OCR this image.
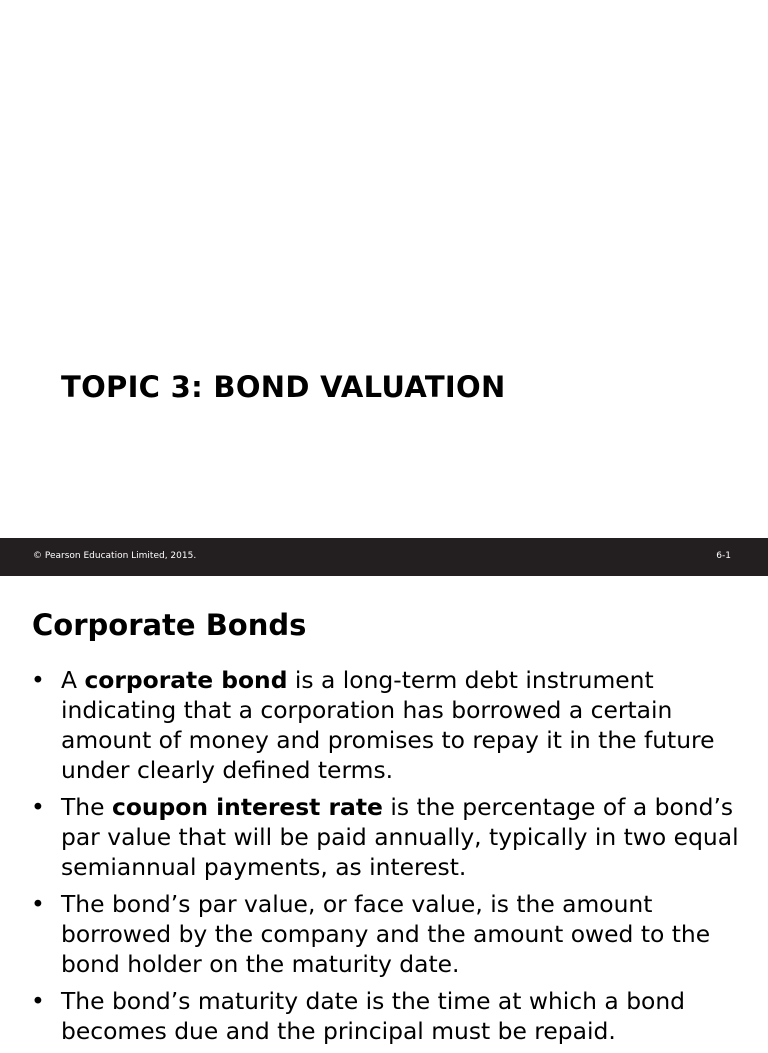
TOPIC 3: BOND VALUATION
© Pearson Education Limited, 2015.	6-1
Corporate Bonds
• A corporate bond is a long-term debt instrument indicating that a corporation has borrowed a certain amount of money and promises to repay it in the future under clearly defined terms.
• The coupon interest rate is the percentage of a bond’s par value that will be paid annually, typically in two equal semiannual payments, as interest.
• The bond’s par value, or face value, is the amount borrowed by the company and the amount owed to the bond holder on the maturity date.
• The bond’s maturity date is the time at which a bond becomes due and the principal must be repaid.
